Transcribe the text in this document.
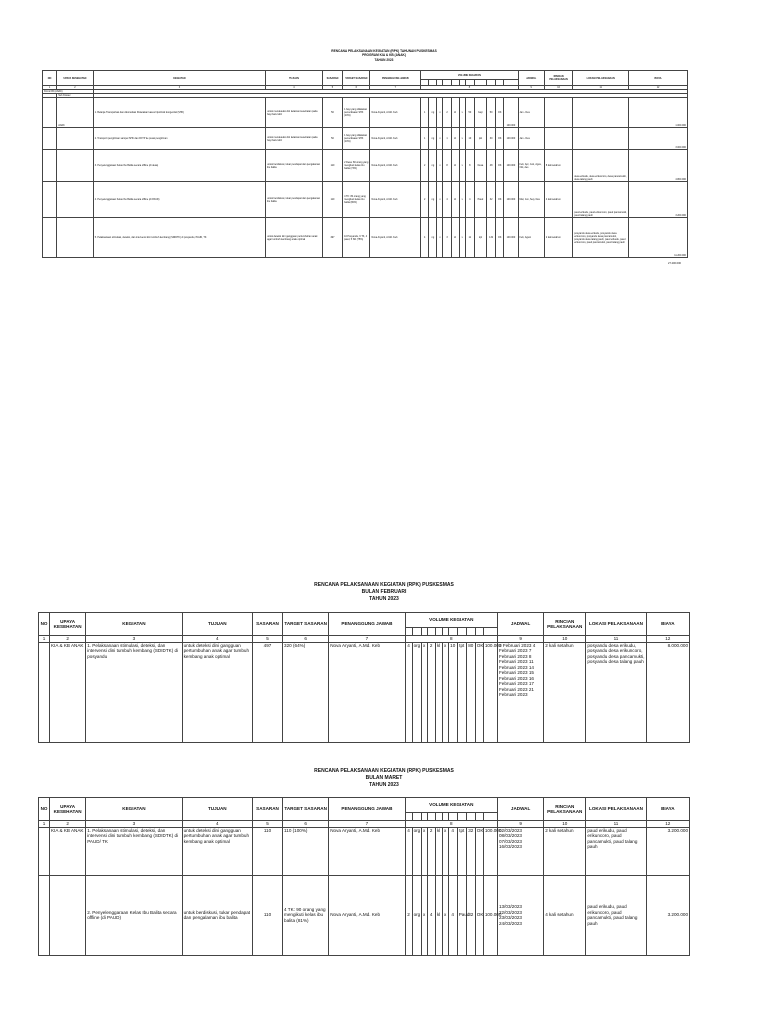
RENCANA PELAKSANAAN KEGIATAN (RPK) TAHUNAN PUSKESMAS
PROGRAM KIA & KB (ANAK)
TAHUN 2023
NO	UPAYA KESEHATAN	KEGIATAN	TUJUAN	SASARAN	TARGET SASARAN	PENANGGUNG JAWAB	VOLUME KEGIATAN											JADWAL	RINCIAN PELAKSANAAN	LOKASI PELAKSANAAN	BIAYA

1	2	3	4	5	6	7	8											9	10	11	12
KIA & KB (ANAK)																					
	Sub Kluster																				
	ANAK	1. Belanja Transportasi dan Akomodasi Pelacakan kasus hipotiroid kongenital (SHK)	untuk mendeteksi dini kelainan kesehatan pada bayi baru lahir	50	1 bayi yang dilakukan pemeriksaan SHK (10%)	Nova Aryanti, A.Md. Keb	1	ng	x	2	kl	x	50	bayi	50	OK	100.000	Jan - Des			1.000.000
		2. Transport pengiriman sampel SHK dan FKTP ke pusat pengiriman	untuk mendeteksi dini kelainan kesehatan pada bayi baru lahir	50	1 bayi yang dilakukan pemeriksaan SHK (10%)	Nova Aryanti, A.Md. Keb	1	ng	x	1	kl	x	10	pkt	30	OK	100.000	Jan - Des			3.000.000
		3. Penyelenggaraan Kelas Ibu Balita secara offline (di desa)	untuk berdiskusi, tukar pendapat dan pengalaman ibu balita	110	2 Desa: 80 orang yang mengikuti kelas ibu balita (73%)	Nova Aryanti, A.Md. Keb	2	ng	x	8	kl	x	8	Desa	48	OK	100.000	Feb, Apr, Juni, Agus, Okt, des	8 kali setahun	desa erikudu, desa erikuncoro, desa pancamukti, desa talang pauh	4.800.000
		4. Penyelenggaraan Kelas Ibu Balita secara offline (di PAUD)	untuk berdiskusi, tukar pendapat dan pengalaman ibu balita	110	4 TK: 80 orang yang mengikuti kelas ibu balita (80%)	Nova Aryanti, A.Md. Keb	2	ng	x	4	kl	x	4	Paud	32	OK	100.000	Mar, Jun, Sep, Des	4 kali setahun	paud erikudu, paud erikuncoro, paud pancamukti, paud talang pauh	3.200.000
		5. Pelaksanaan stimulasi, deteksi, dan intervensi dini tumbuh kembang (SDIDTK) di posyandu, PAUD, TK	untuk deteksi dini gangguan pertumbuhan anak agar tumbuh kembang anak optimal	497	10 Posyandu, 6 TK, 4 paud, 5 SD (75%)	Nova Aryanti, A.Md. Keb	4	ng	x	3	kl	x	11	kpl	132	OK	100.000	Feb, Agust	2 kali setahun	posyandu desa erikudu, posyandu desa erikuncoro, posyandu desa pancamukti, posyandu desa talang pauh, paud erikudu, paud erikuncoro, paud pancamukti, paud talang pauh	11.200.000
27.200.000
RENCANA PELAKSANAAN KEGIATAN (RPK) PUSKESMAS
BULAN FEBRUARI
TAHUN 2023
NO	UPAYA KESEHATAN	KEGIATAN	TUJUAN	SASARAN	TARGET SASARAN	PENANGGUNG JAWAB	VOLUME KEGIATAN											JADWAL	RINCIAN PELAKSANAAN	LOKASI PELAKSANAAN	BIAYA

1	2	3	4	5	6	7	8											9	10	11	12
	KIA & KB ANAK	1. Pelaksanaan stimulasi, deteksi, dan intervensi dini tumbuh kembang (SDIDTK) di posyandu	untuk deteksi dini gangguan pertumbuhan anak agar tumbuh kembang anak optimal	497	320 (64%)	Nova Aryanti, A.Md. Keb	4	org	x	2	kl	x	10	tpt	80	OK	100.000	3 Februari 2023 4 Februari 2023 7 Februari 2023 8 Februari 2023 11 Februari 2023 14 Februari 2023 15 Februari 2023 16 Februari 2023 17 Februari 2023 21 Februari 2023	2 kali setahun	posyandu desa erikudu, posyandu desa erikuncoro, posyandu desa pancamukti, posyandu desa talang pauh	8.000.000
RENCANA PELAKSANAAN KEGIATAN (RPK) PUSKESMAS
BULAN MARET
TAHUN 2023
NO	UPAYA KESEHATAN	KEGIATAN	TUJUAN	SASARAN	TARGET SASARAN	PENANGGUNG JAWAB	VOLUME KEGIATAN											JADWAL	RINCIAN PELAKSANAAN	LOKASI PELAKSANAAN	BIAYA

1	2	3	4	5	6	7	8											9	10	11	12
	KIA & KB ANAK	1. Pelaksanaan stimulasi, deteksi, dan intervensi dini tumbuh kembang (SDIDTK) di PAUD/ TK	untuk deteksi dini gangguan pertumbuhan anak agar tumbuh kembang anak optimal	110	110 (100%)	Nova Aryanti, A.Md. Keb	4	org	x	2	kl	x	4	tpt	32	OK	100.000	02/03/2023 08/03/2023 07/03/2023 16/03/2023	2 kali setahun	paud erikudu, paud erikuncoro, paud pancamukti, paud talang pauh	3.200.000
		2. Penyelenggaraan Kelas Ibu Balita secara offline (di PAUD)	untuk berdiskusi, tukar pendapat dan pengalaman ibu balita	110	4 TK: 90 orang yang mengikuti kelas ibu balita (81%)	Nova Aryanti, A.Md. Keb	2	org	x	4	kl	x	4	Paud	32	OK	100.000	13/03/2023 22/03/2023 23/03/2023 24/03/2023	4 kali setahun	paud erikudu, paud erikuncoro, paud pancamukti, paud talang pauh	3.200.000
